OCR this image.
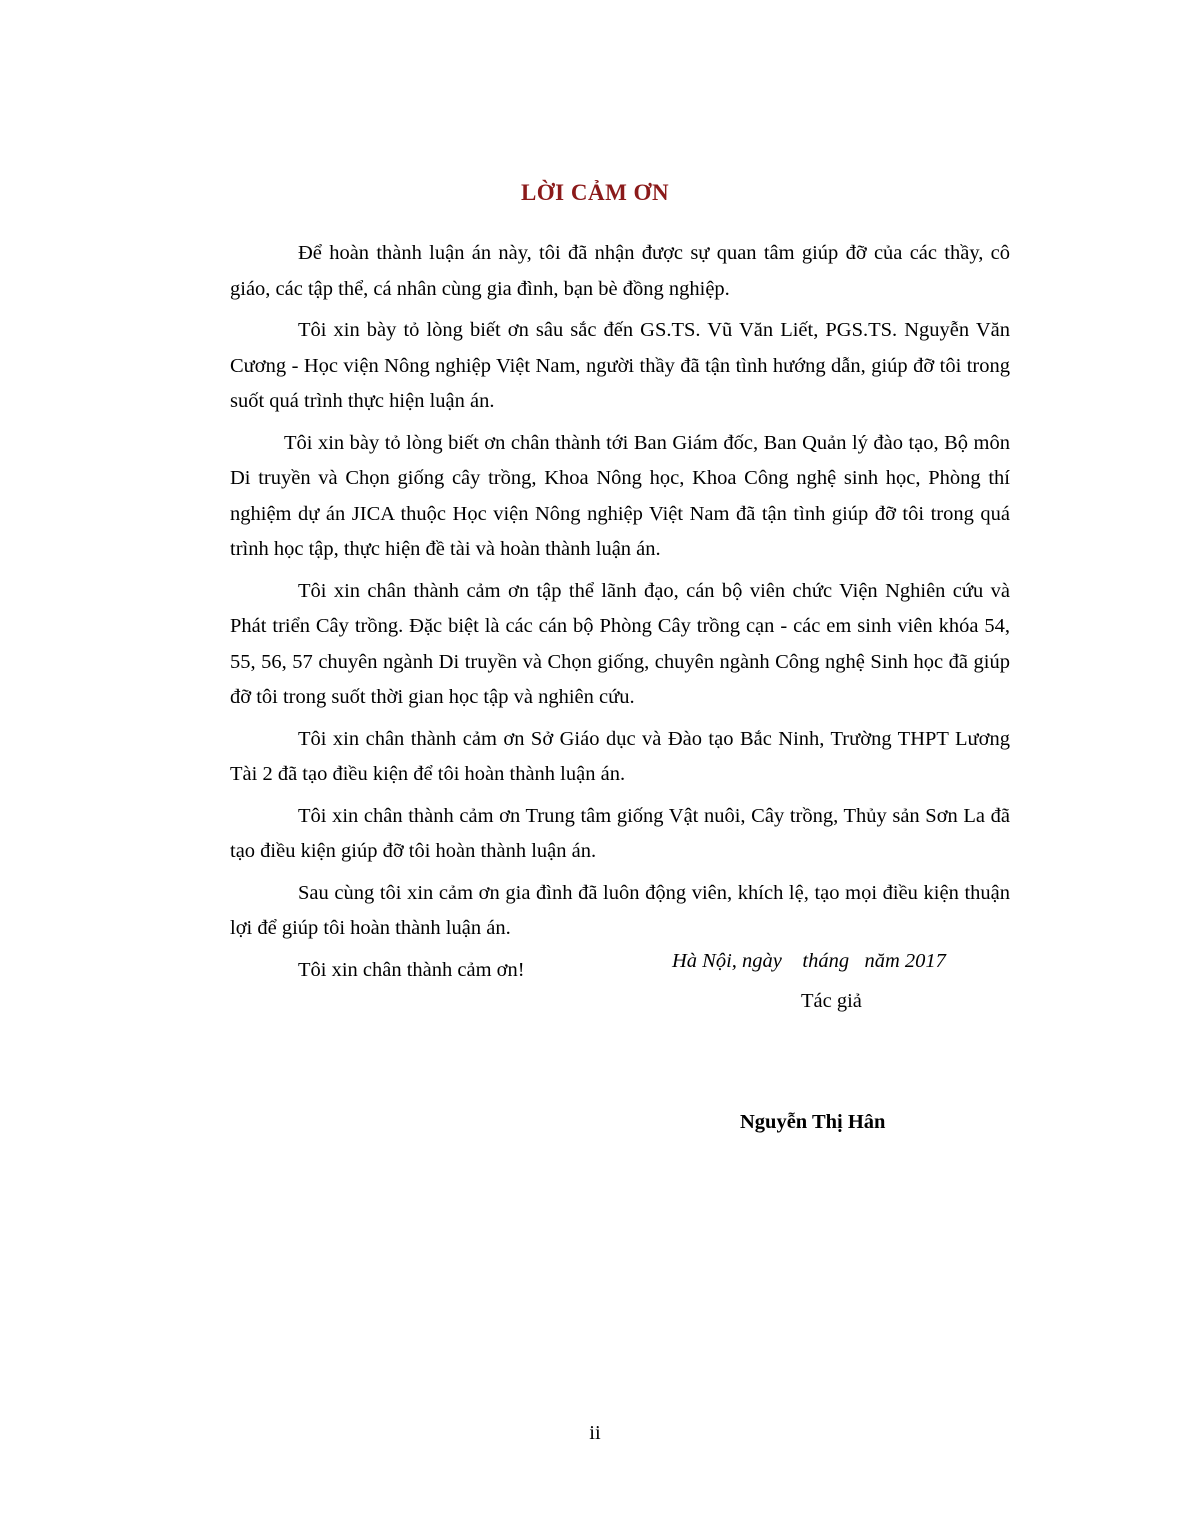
LỜI CẢM ƠN

Để hoàn thành luận án này, tôi đã nhận được sự quan tâm giúp đỡ của các thầy, cô giáo, các tập thể, cá nhân cùng gia đình, bạn bè đồng nghiệp.

Tôi xin bày tỏ lòng biết ơn sâu sắc đến GS.TS. Vũ Văn Liết, PGS.TS. Nguyễn Văn Cương - Học viện Nông nghiệp Việt Nam, người thầy đã tận tình hướng dẫn, giúp đỡ tôi trong suốt quá trình thực hiện luận án.

Tôi xin bày tỏ lòng biết ơn chân thành tới Ban Giám đốc, Ban Quản lý đào tạo, Bộ môn Di truyền và Chọn giống cây trồng, Khoa Nông học, Khoa Công nghệ sinh học, Phòng thí nghiệm dự án JICA thuộc Học viện Nông nghiệp Việt Nam đã tận tình giúp đỡ tôi trong quá trình học tập, thực hiện đề tài và hoàn thành luận án.

Tôi xin chân thành cảm ơn tập thể lãnh đạo, cán bộ viên chức Viện Nghiên cứu và Phát triển Cây trồng. Đặc biệt là các cán bộ Phòng Cây trồng cạn - các em sinh viên khóa 54, 55, 56, 57 chuyên ngành Di truyền và Chọn giống, chuyên ngành Công nghệ Sinh học đã giúp đỡ tôi trong suốt thời gian học tập và nghiên cứu.

Tôi xin chân thành cảm ơn Sở Giáo dục và Đào tạo Bắc Ninh, Trường THPT Lương Tài 2 đã tạo điều kiện để tôi hoàn thành luận án.

Tôi xin chân thành cảm ơn Trung tâm giống Vật nuôi, Cây trồng, Thủy sản Sơn La đã tạo điều kiện giúp đỡ tôi hoàn thành luận án.

Sau cùng tôi xin cảm ơn gia đình đã luôn động viên, khích lệ, tạo mọi điều kiện thuận lợi để giúp tôi hoàn thành luận án.

Tôi xin chân thành cảm ơn!	Hà Nội, ngày    tháng   năm 2017
Tác giả
Nguyễn Thị Hân
ii
